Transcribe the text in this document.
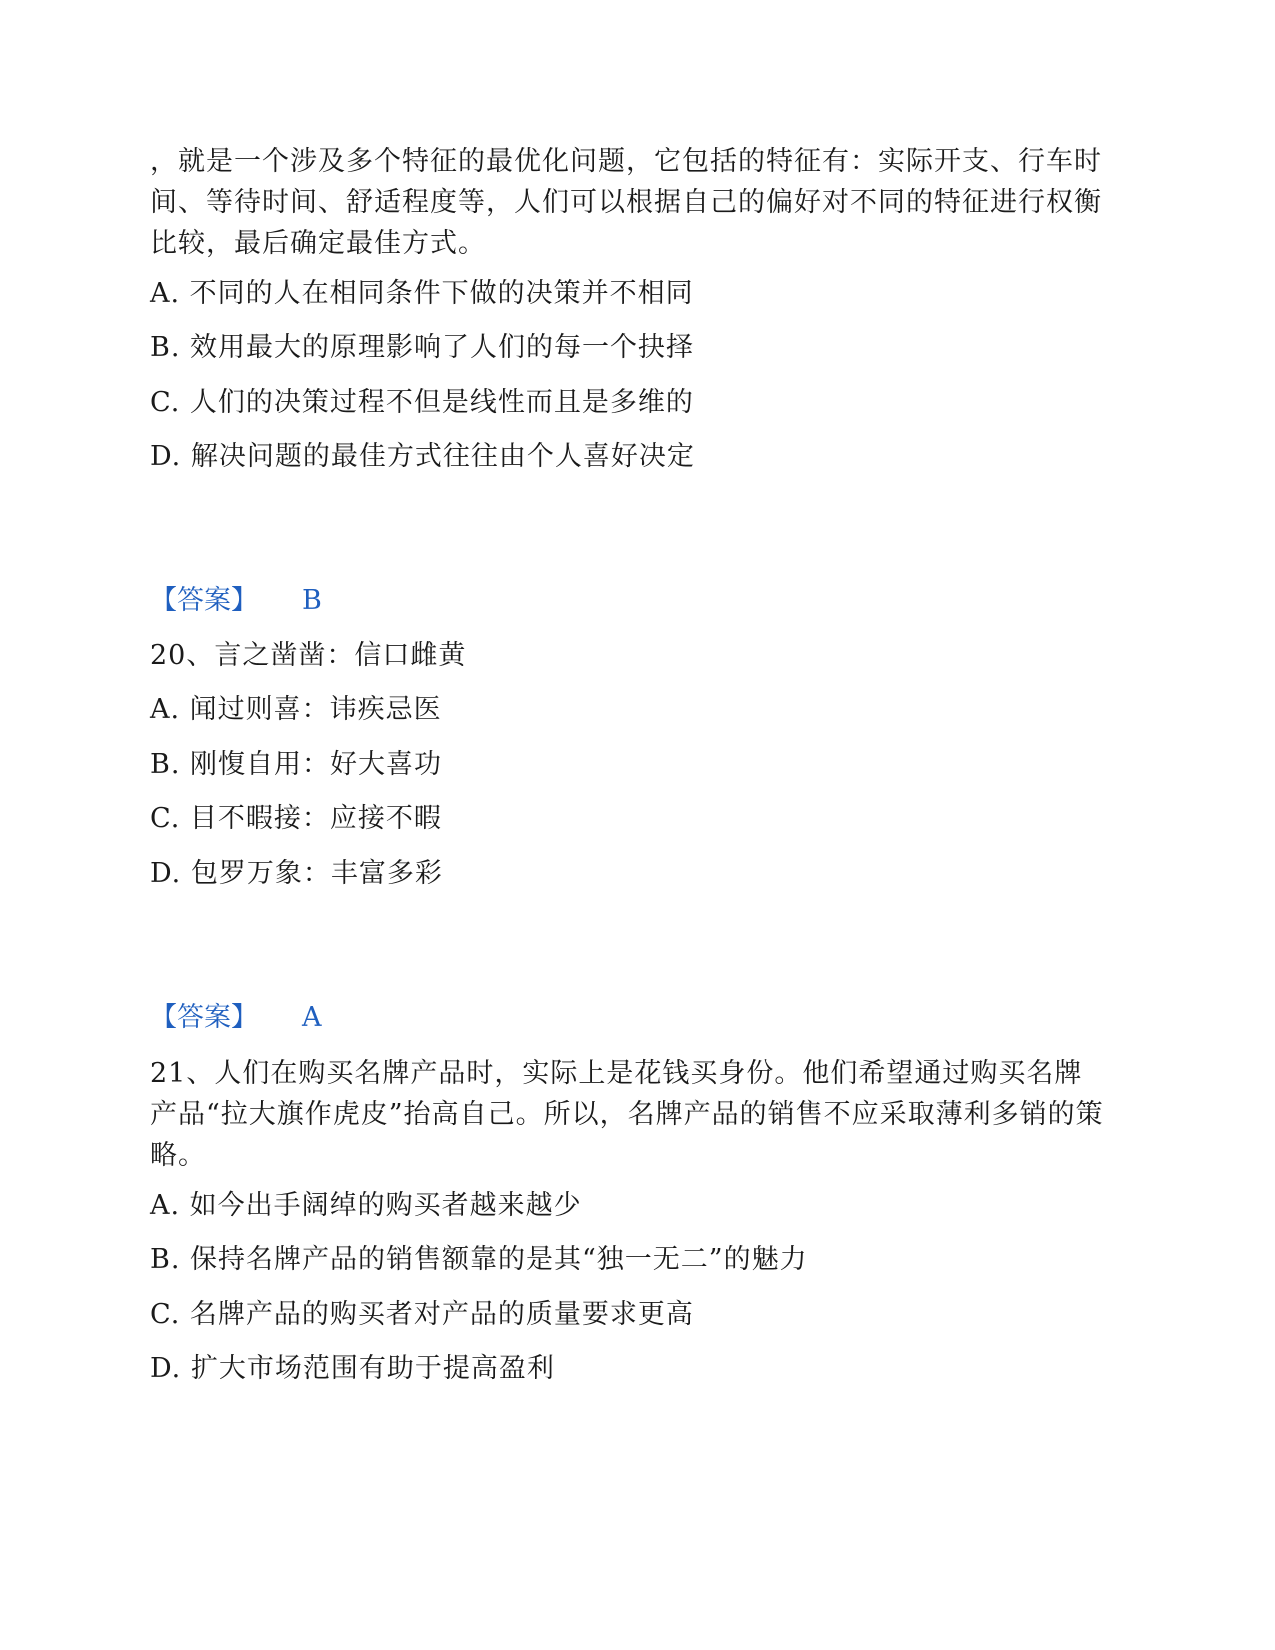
，就是一个涉及多个特征的最优化问题，它包括的特征有：实际开支、行车时间、等待时间、舒适程度等，人们可以根据自己的偏好对不同的特征进行权衡比较，最后确定最佳方式。
A. 不同的人在相同条件下做的决策并不相同
B. 效用最大的原理影响了人们的每一个抉择
C. 人们的决策过程不但是线性而且是多维的
D. 解决问题的最佳方式往往由个人喜好决定
【答案】 B
20、言之凿凿：信口雌黄
A. 闻过则喜：讳疾忌医
B. 刚愎自用：好大喜功
C. 目不暇接：应接不暇
D. 包罗万象：丰富多彩
【答案】 A
21、人们在购买名牌产品时，实际上是花钱买身份。他们希望通过购买名牌产品“拉大旗作虎皮”抬高自己。所以，名牌产品的销售不应采取薄利多销的策略。
A. 如今出手阔绰的购买者越来越少
B. 保持名牌产品的销售额靠的是其“独一无二”的魅力
C. 名牌产品的购买者对产品的质量要求更高
D. 扩大市场范围有助于提高盈利
